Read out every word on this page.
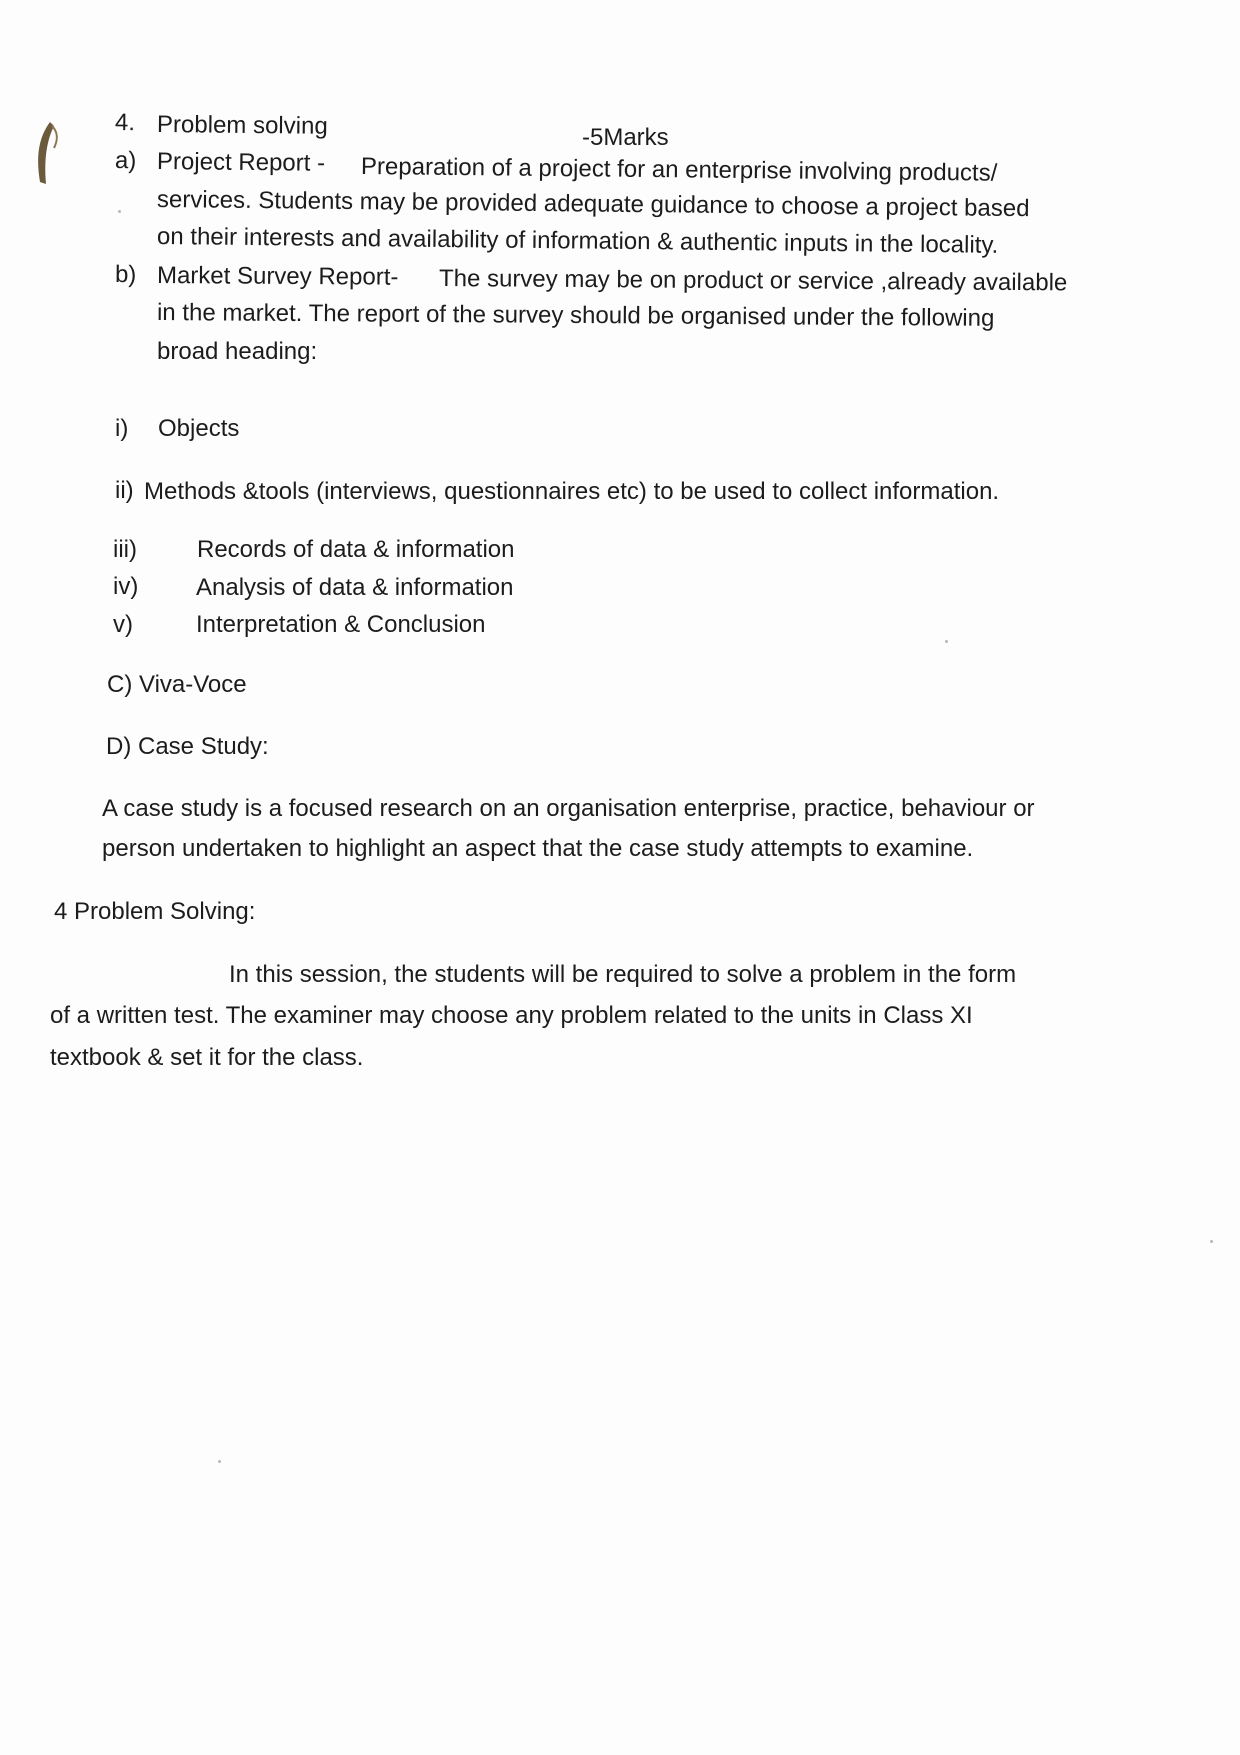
4. Problem solving	-5Marks
a) Project Report - Preparation of a project for an enterprise involving products/
services. Students may be provided adequate guidance to choose a project based
on their interests and availability of information & authentic inputs in the locality.
b) Market Survey Report- The survey may be on product or service ,already available
in the market. The report of the survey should be organised under the following
broad heading:
i) Objects
ii) Methods &tools (interviews, questionnaires etc) to be used to collect information.
iii)	Records of data & information
iv) Analysis of data & information
v)	Interpretation & Conclusion
C) Viva-Voce
D) Case Study:
A case study is a focused research on an organisation enterprise, practice, behaviour or
person undertaken to highlight an aspect that the case study attempts to examine.
4 Problem Solving:
In this session, the students will be required to solve a problem in the form
of a written test. The examiner may choose any problem related to the units in Class XI
textbook & set it for the class.
